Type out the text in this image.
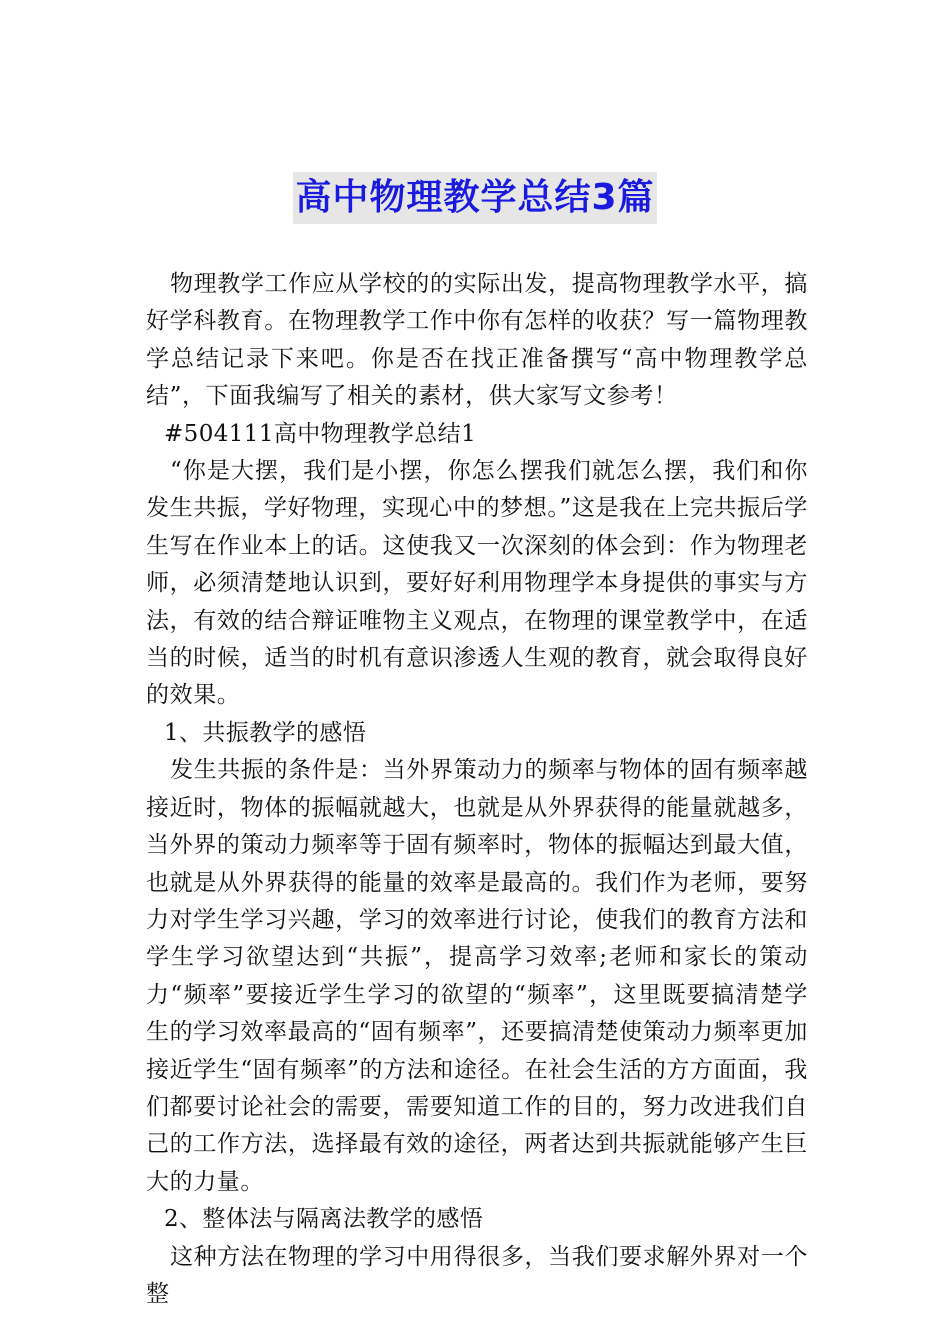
高中物理教学总结3篇

物理教学工作应从学校的的实际出发，提高物理教学水平，搞好学科教育。在物理教学工作中你有怎样的收获？写一篇物理教学总结记录下来吧。你是否在找正准备撰写“高中物理教学总结”，下面我编写了相关的素材，供大家写文参考！

#504111高中物理教学总结1

“你是大摆，我们是小摆，你怎么摆我们就怎么摆，我们和你发生共振，学好物理，实现心中的梦想。”这是我在上完共振后学生写在作业本上的话。这使我又一次深刻的体会到：作为物理老师，必须清楚地认识到，要好好利用物理学本身提供的事实与方法，有效的结合辩证唯物主义观点，在物理的课堂教学中，在适当的时候，适当的时机有意识渗透人生观的教育，就会取得良好的效果。

1、共振教学的感悟

发生共振的条件是：当外界策动力的频率与物体的固有频率越接近时，物体的振幅就越大，也就是从外界获得的能量就越多，当外界的策动力频率等于固有频率时，物体的振幅达到最大值，也就是从外界获得的能量的效率是最高的。我们作为老师，要努力对学生学习兴趣，学习的效率进行讨论，使我们的教育方法和学生学习欲望达到“共振”，提高学习效率;老师和家长的策动力“频率”要接近学生学习的欲望的“频率”，这里既要搞清楚学生的学习效率最高的“固有频率”，还要搞清楚使策动力频率更加接近学生“固有频率”的方法和途径。在社会生活的方方面面，我们都要讨论社会的需要，需要知道工作的目的，努力改进我们自己的工作方法，选择最有效的途径，两者达到共振就能够产生巨大的力量。

2、整体法与隔离法教学的感悟

这种方法在物理的学习中用得很多，当我们要求解外界对一个整
